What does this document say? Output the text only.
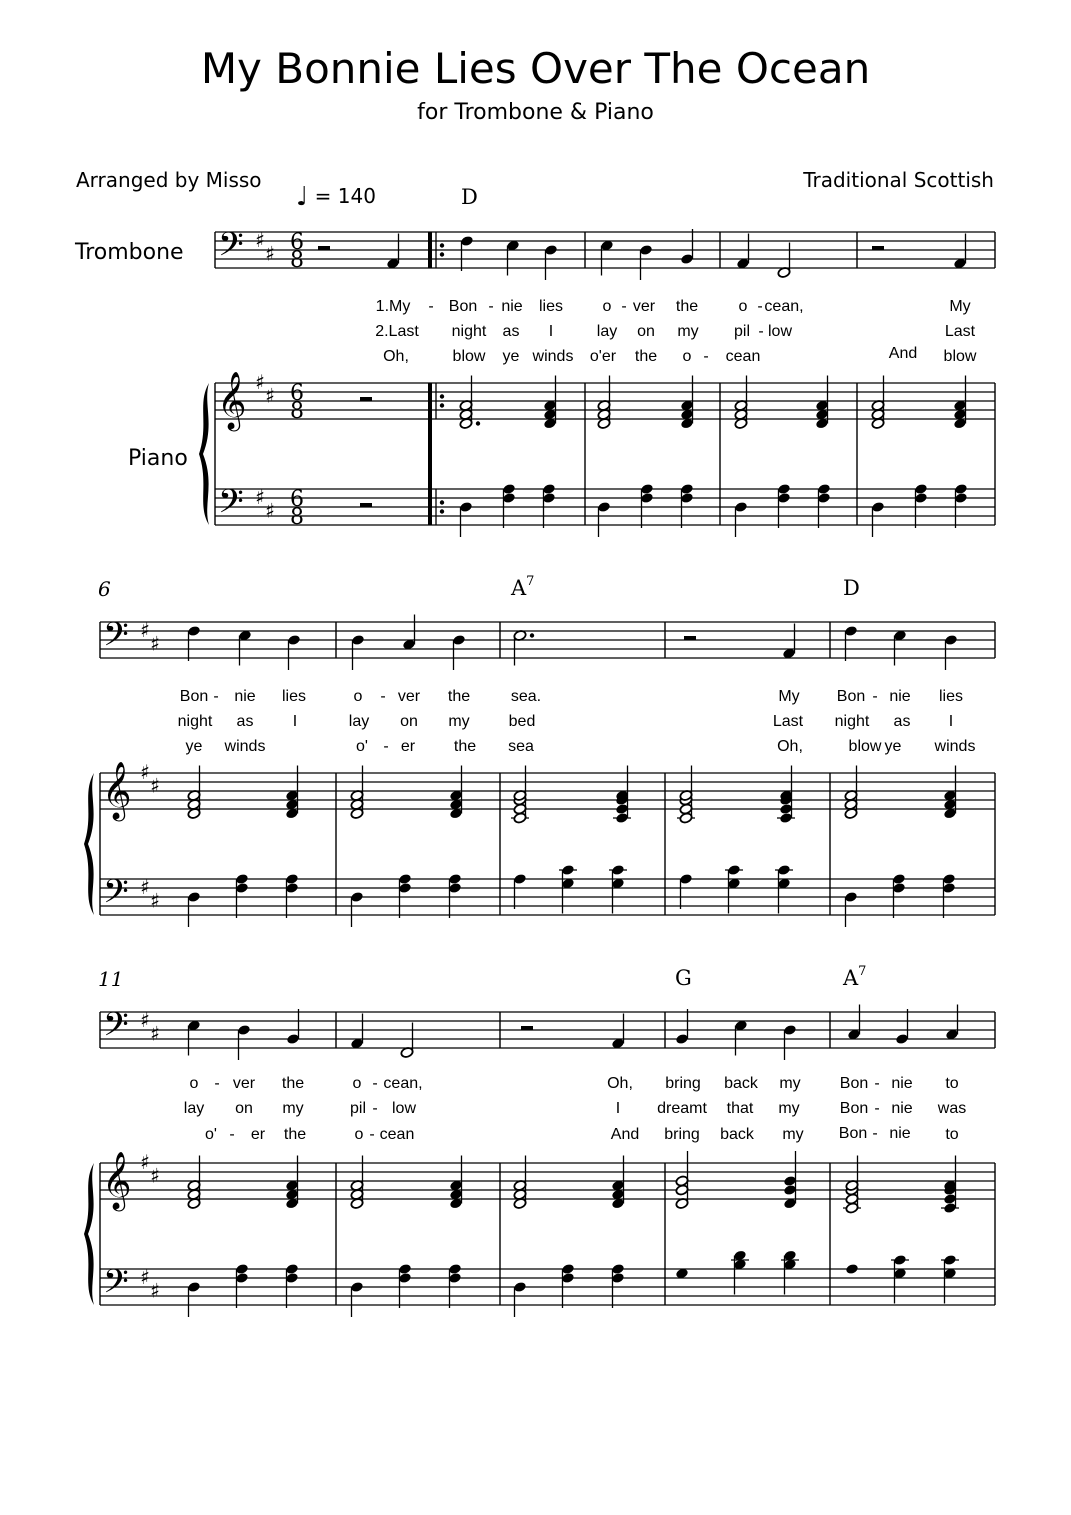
My Bonnie Lies Over The Ocean
for Trombone & Piano
Arranged by Misso	Traditional Scottish
♩ = 140
Trombone
Piano
6
11
D
$A^7$	D
G	$A^7$
1.My - Bon - nie lies o - ver the	o - cean,	My
2.Last night as I	lay on my pil - low	Last
Oh,	blow ye winds o'er the o - cean	And blow
Bon - nie lies	o - ver the	sea.	My Bon - nie lies
night as I	lay on my bed	Last night as I
ye winds	o' - er the sea	Oh,	blow ye winds
o - ver the	o - cean,	Oh, bring back my Bon - nie to
lay on my	pil - low	I dreamt that my	Bon - nie was
o' - er the	o - cean	And bring back my Bon - nie to
𝄢
𝄞
𝄢
♯
♯
♯
♯
♯
♯
6
8
6
8
6
8
𝄢
𝄞
𝄢
♯
♯
♯
♯
♯
♯
𝄢
𝄞
𝄢
♯
♯
♯
♯
♯
♯
